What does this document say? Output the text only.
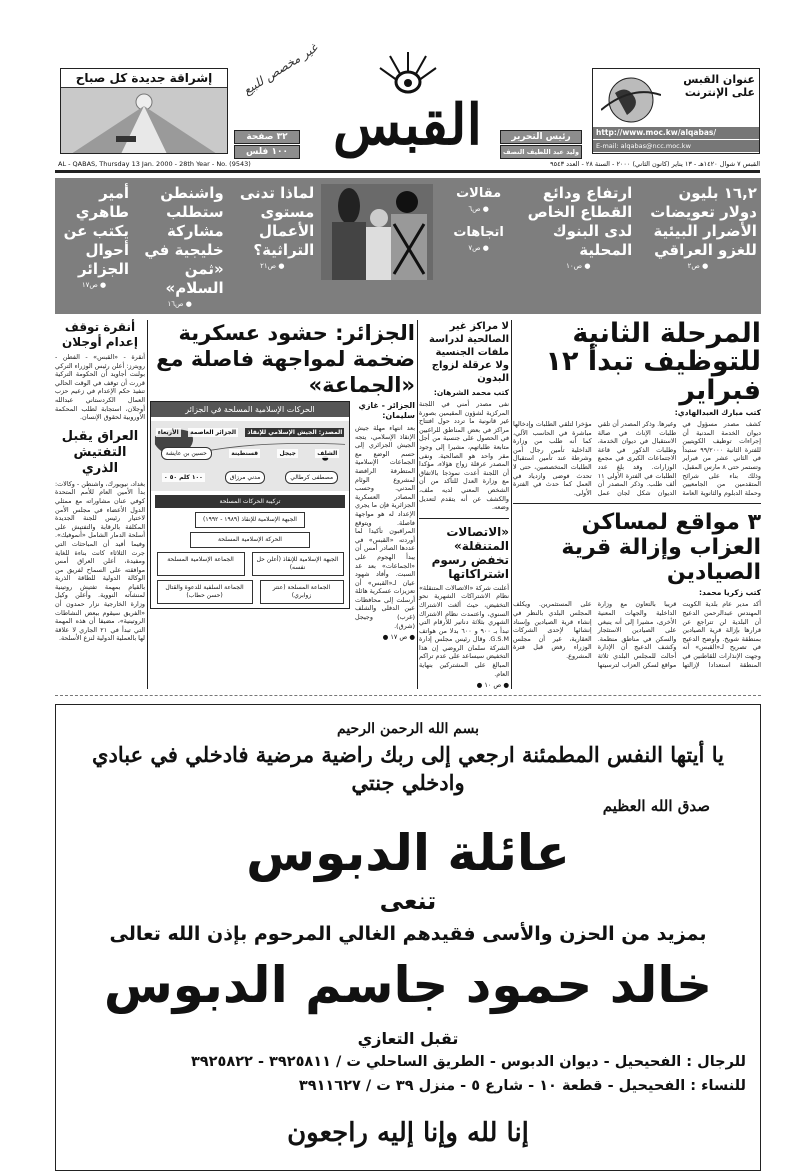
غير مخصص للبيع
إشراقة جديدة كل صباح
٣٢ صفحة
١٠٠ فلس القبس	رئيس التحرير
وليد عبد اللطيف النصف
عنوان القبس على الإنترنت
http://www.moc.kw/alqabas/
E-mail: alqabas@ncc.moc.kw
AL - QABAS, Thursday 13 Jan. 2000 - 28th Year - No. (9543)	القبس ٧ شوال ١٤٢٠هـ - ١٣ يناير (كانون الثاني) ٢٠٠٠ - السنة ٢٨ - العدد ٩٥٤٣
١٦,٢ بليون دولار تعويضات الأضرار البيئية للغزو العراقي
● ص٢
ارتفاع ودائع القطاع الخاص لدى البنوك المحلية
● ص١٠
مقالات
● ص٦
اتجاهات
● ص٧
لماذا تدنى مستوى الأعمال التراثية؟
● ص٢١
واشنطن ستطلب مشاركة خليجية في «ثمن السلام»
● ص١٦
أمير طاهري يكتب عن أحوال الجزائر
● ص١٧
المرحلة الثانية للتوظيف تبدأ ١٢ فبراير
كتب مبارك العبدالهادي:
كشف مصدر مسؤول في ديوان الخدمة المدنية أن إجراءات توظيف الكويتيين للفترة الثانية ٩٩/٢٠٠٠ ستبدأ في الثاني عشر من فبراير وتستمر حتى ٨ مارس المقبل، وذلك بناء على شرائح المتقدمين من الجامعيين وحملة الدبلوم والثانوية العامة وغيرها. وذكر المصدر أن تلقي طلبات الإناث في صالة الاستقبال في ديوان الخدمة، وطلبات الذكور في قاعة الاجتماعات الكبرى في مجمع الوزارات. وقد بلغ عدد الطلبات في الفترة الأولى ١١ ألف طلب. وذكر المصدر أن الديوان شكل لجان عمل مؤخرا لتلقي الطلبات وإدخالها مباشرة في الحاسب الآلي، كما أنه طلب من وزارة الداخلية تأمين رجال أمن وشرطة عند تأمين استقبال الطلبات المتخصصين، حتى لا تحدث فوضى وازدياد في العمل كما حدث في الفترة الأولى.
٣ مواقع لمساكن العزاب وإزالة قرية الصيادين
كتب زكريا محمد:
أكد مدير عام بلدية الكويت المهندس عبدالرحمن الدعيج أن البلدية لن تتراجع عن قرارها بإزالة قرية الصيادين بمنطقة شويخ. وأوضح الدعيج في تصريح لـ«القبس» أنه وجهت الإنذارات للقاطنين في المنطقة استعدادا لإزالتها قريبا بالتعاون مع وزارة الداخلية والجهات المعنية الأخرى، مشيرا إلى أنه ينبغي على الصيادين الاستئجار والسكن في مناطق منظمة. وكشف الدعيج أن الإدارة أحالت للمجلس البلدي ثلاثة مواقع لسكن العزاب لترسيتها على المستثمرين. ويكلف المجلس البلدي بالنظر في إنشاء قرية الصيادين وإسناد إنشائها لإحدى الشركات العقارية، غير أن مجلس الوزراء رفض قبل فترة المشروع.
لا مراكز غير الصالحية لدراسة ملفات الجنسية ولا عرقلة لزواج البدون
كتب محمد الشرهان:
نفى مصدر أمني في اللجنة المركزية لشؤون المقيمين بصورة غير قانونية ما تردد حول افتتاح مراكز في بعض المناطق للراغبين في الحصول على جنسية من أجل متابعة طلباتهم، مشيرا إلى وجود مقر واحد هو الصالحية. ونفى المصدر عرقلة زواج هؤلاء، مؤكدا أن اللجنة أعدت نموذجا بالاتفاق مع وزارة العدل للتأكد من أن الشخص المعني لديه ملف، والكشف عن أنه يتقدم لتعديل وضعه.
«الاتصالات المتنقلة» تخفض رسوم اشتراكاتها
أعلنت شركة «الاتصالات المتنقلة» نظام الاشتراكات الشهرية نحو التخفيض، حيث ألغت الاشتراك السنوي، واعتمدت نظام الاشتراك الشهري بثلاثة دنانير للأرقام التي تبدأ بـ ٩٠٠ و ٦٠٠ بدلا من هواتف G.S.M. وقال رئيس مجلس إدارة الشركة سلمان الروضي إن هذا التخفيض سيساعد على عدم تراكم المبالغ على المشتركين بنهاية العام.
● ص ١٠ ●
الجزائر: حشود عسكرية ضخمة لمواجهة فاصلة مع «الجماعة»
الجزائر - غازي سليمان:
بعد انتهاء مهلة جيش الإنقاذ الإسلامي، يتجه الجيش الجزائري إلى حسم الوضع مع الجماعات الإسلامية المتطرفة الرافضة لمشروع الوئام المدني. وحسب المصادر العسكرية الجزائرية فإن ما يجري الإعداد له هو مواجهة فاصلة. ويتوقع المراقبون تأكيدا لما أوردته «القبس» في عددها الصادر أمس أن يبدأ الهجوم على «الجماعات» بعد غد السبت. وأفاد شهود عيان لـ«القبس» أن تعزيزات عسكرية هائلة أرسلت إلى محافظات عين الدفلى والشلف (غرب) وجيجل (شرق).
● ص ١٧ ●
الحركات الإسلامية المسلحة في الجزائر
المصدر: الجيش الإسلامي للإنقاذ
الجزائر العاصمة
الأربعاء
الشلف
جيجل
قسنطينة
حسين بن عايشة
مصطفى كرطالي
مدني مرزاق
١٠٠ كلم ٥٠ ٠
تركيبة الحركات المسلحة
الجبهة الإسلامية للإنقاذ (١٩٨٩ - ١٩٩٢)
الحركة الإسلامية المسلحة
الجماعة الإسلامية المسلحة	الجبهة الإسلامية للإنقاذ (أعلن حل نفسه)
الجماعة السلفية للدعوة والقتال (حسن حطاب)
الجماعة المسلحة (عنتر زوابري)
أنقرة توقف إعدام أوجلان
أنقرة - «القبس» - الفطن - رويترز: أعلن رئيس الوزراء التركي بولنت أجاويد أن الحكومة التركية قررت أن توقف في الوقت الحالي تنفيذ حكم الإعدام في زعيم حزب العمال الكردستاني عبدالله أوجلان، استجابة لطلب المحكمة الأوروبية لحقوق الإنسان.
العراق يقبل التفتيش الذري
بغداد، نيويورك، واشنطن - وكالات: بدأ الأمين العام للأمم المتحدة كوفي عنان مشاوراته مع ممثلي الدول الأعضاء في مجلس الأمن لاختيار رئيس للجنة الجديدة المكلفة بالرقابة والتفتيش على أسلحة الدمار الشامل «أنموفيك». وفيما أفيد أن المباحثات التي جرت الثلاثاء كانت بناءة للغاية ومفيدة، أعلن العراق أمس موافقته على السماح لفريق من الوكالة الدولية للطاقة الذرية بالقيام بمهمة تفتيش روتينية لمنشآته النووية. وأعلن وكيل وزارة الخارجية نزار حمدون أن «الفريق سيقوم ببعض النشاطات الروتينية»، مضيفا أن هذه المهمة التي تبدأ في ٢١ الجاري لا علاقة لها بالعملية الدولية لنزع الأسلحة.
بسم الله الرحمن الرحيم
يا أيتها النفس المطمئنة ارجعي إلى ربك راضية مرضية فادخلي في عبادي وادخلي جنتي
صدق الله العظيم
عائلة الدبوس
تنعى
بمزيد من الحزن والأسى فقيدهم الغالي المرحوم بإذن الله تعالى
خالد حمود جاسم الدبوس
تقبل التعازي
للرجال : الفحيحيل - ديوان الدبوس - الطريق الساحلي ت / ٣٩٢٥٨١١ - ٣٩٢٥٨٢٢
للنساء : الفحيحيل - قطعة ١٠ - شارع ٥ - منزل ٣٩ ت / ٣٩١١٦٢٧
إنا لله وإنا إليه راجعون
